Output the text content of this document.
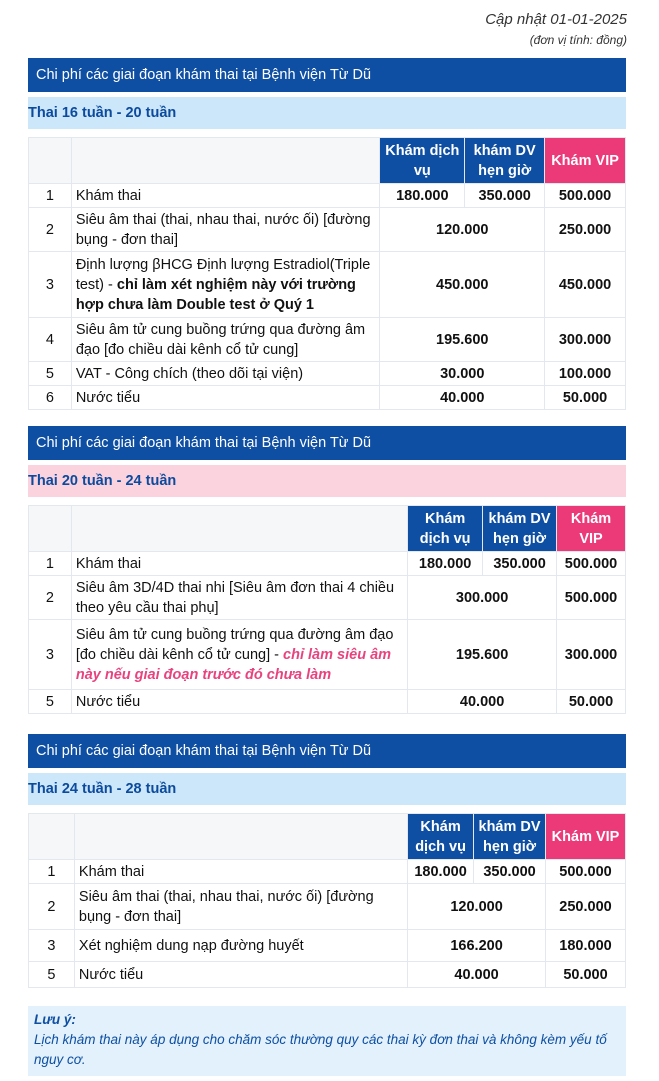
Cập nhật 01-01-2025
(đơn vị tính: đồng)
Chi phí các giai đoạn khám thai tại Bệnh viện Từ Dũ
Thai 16 tuần - 20 tuần
		Khám dịch vụ	khám DV hẹn giờ	Khám VIP
1	Khám thai	180.000	350.000	500.000
2	Siêu âm thai (thai, nhau thai, nước ối) [đường bụng - đơn thai]	120.000		250.000
3	Định lượng βHCG Định lượng Estradiol(Triple test) - chỉ làm xét nghiệm này với trường hợp chưa làm Double test ở Quý 1	450.000		450.000
4	Siêu âm tử cung buồng trứng qua đường âm đạo [đo chiều dài kênh cổ tử cung]	195.600		300.000
5	VAT - Công chích (theo dõi tại viện)	30.000		100.000
6	Nước tiểu	40.000		50.000
Chi phí các giai đoạn khám thai tại Bệnh viện Từ Dũ
Thai 20 tuần - 24 tuần
		Khám dịch vụ	khám DV hẹn giờ	Khám VIP
1	Khám thai	180.000	350.000	500.000
2	Siêu âm 3D/4D thai nhi [Siêu âm đơn thai 4 chiều theo yêu cầu thai phụ]	300.000		500.000
3	Siêu âm tử cung buồng trứng qua đường âm đạo [đo chiều dài kênh cổ tử cung] - chỉ làm siêu âm này nếu giai đoạn trước đó chưa làm	195.600		300.000
5	Nước tiểu	40.000		50.000
Chi phí các giai đoạn khám thai tại Bệnh viện Từ Dũ
Thai 24 tuần - 28 tuần
		Khám dịch vụ	khám DV hẹn giờ	Khám VIP
1	Khám thai	180.000	350.000	500.000
2	Siêu âm thai (thai, nhau thai, nước ối) [đường bụng - đơn thai]	120.000		250.000
3	Xét nghiệm dung nạp đường huyết	166.200		180.000
5	Nước tiểu	40.000		50.000
Lưu ý:
Lịch khám thai này áp dụng cho chăm sóc thường quy các thai kỳ đơn thai và không kèm yếu tố nguy cơ.
